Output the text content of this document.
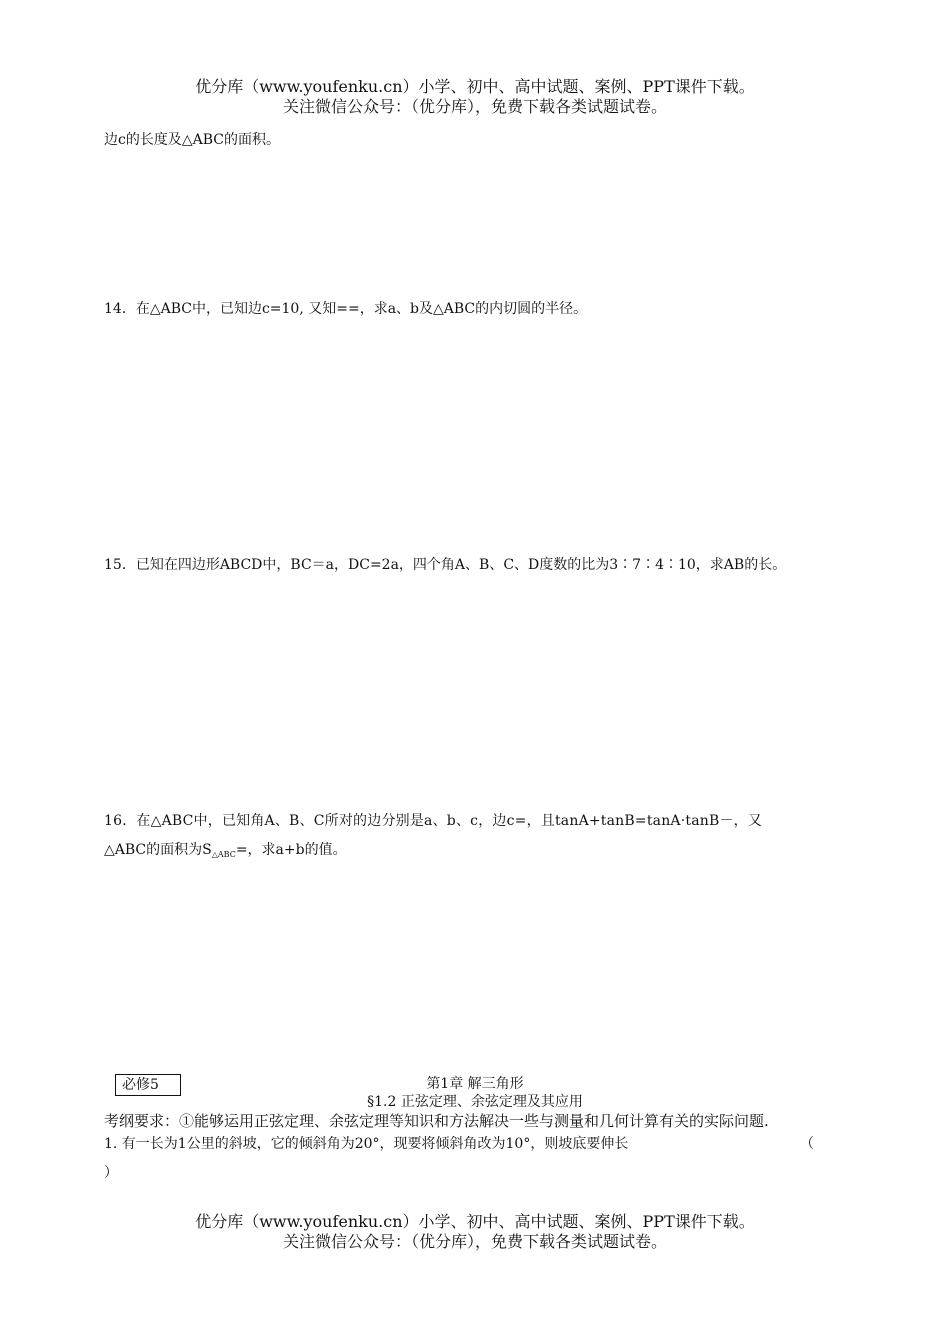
优分库（www.youfenku.cn）小学、初中、高中试题、案例、PPT课件下载。
关注微信公众号：（优分库），免费下载各类试题试卷。
边c的长度及△ABC的面积。
14．在△ABC中，已知边c=10, 又知==，求a、b及△ABC的内切圆的半径。
15．已知在四边形ABCD中，BC＝a，DC=2a，四个角A、B、C、D度数的比为3∶7∶4∶10，求AB的长。
16．在△ABC中，已知角A、B、C所对的边分别是a、b、c，边c=，且tanA+tanB=tanA·tanB－，又
△ABC的面积为$S_{\triangle ABC}=$，求a+b的值。
必修5	第1章 解三角形
§1.2 正弦定理、余弦定理及其应用
考纲要求：①能够运用正弦定理、余弦定理等知识和方法解决一些与测量和几何计算有关的实际问题.
1. 有一长为1公里的斜坡，它的倾斜角为20°，现要将倾斜角改为10°，则坡底要伸长	（
）
优分库（www.youfenku.cn）小学、初中、高中试题、案例、PPT课件下载。
关注微信公众号：（优分库），免费下载各类试题试卷。
